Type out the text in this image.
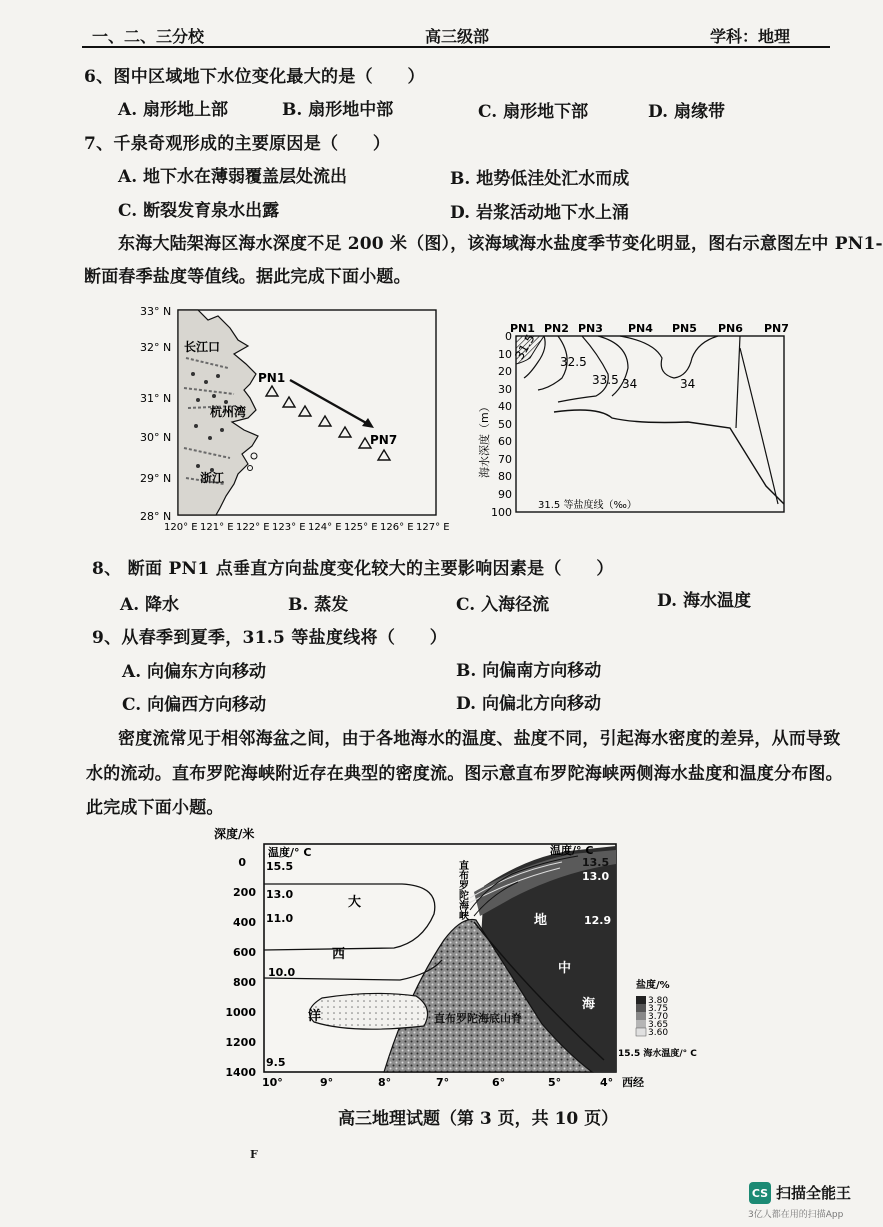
一、二、三分校	高三级部	学科：地理
6、图中区域地下水位变化最大的是（　　）
A. 扇形地上部	B. 扇形地中部	C. 扇形地下部	D. 扇缘带
7、千泉奇观形成的主要原因是（　　）
A. 地下水在薄弱覆盖层处流出	B. 地势低洼处汇水而成
C. 断裂发育泉水出露	D. 岩浆活动地下水上涌
东海大陆架海区海水深度不足 200 米（图），该海域海水盐度季节变化明显，图右示意图左中 PN1-
断面春季盐度等值线。据此完成下面小题。
33° N
32° N
31° N
30° N
29° N
28° N
长江口
杭州湾
浙江
PN1
PN7
120° E 121° E 122° E 123° E 124° E 125° E 126° E 127° E
PN1 PN2 PN3 PN4 PN5 PN6 PN7
0
10
20
30
40
50
60
70
80
90
100
海水深度（m）
31.5
32.5
33.5 34	34
31.5 等盐度线（‰）
8、 断面 PN1 点垂直方向盐度变化较大的主要影响因素是（　　）
A. 降水	B. 蒸发	C. 入海径流	D. 海水温度
9、从春季到夏季，31.5 等盐度线将（　　）
A. 向偏东方向移动	B. 向偏南方向移动
C. 向偏西方向移动	D. 向偏北方向移动
密度流常见于相邻海盆之间，由于各地海水的温度、盐度不同，引起海水密度的差异，从而导致
水的流动。直布罗陀海峡附近存在典型的密度流。图示意直布罗陀海峡两侧海水盐度和温度分布图。
此完成下面小题。
深度/米
0
200
400
600
800
1000
1200
1400
温度/° C	温度/° C
15.5
13.0
11.0
10.0
9.5
13.5
13.0
12.9
大
西
洋
地
中
海
直布罗陀海峡
直布罗陀海底山脊
10°	9°	8°	7°	6°	5°	4° 西经
盐度/%
3.80
3.75
3.70
3.65
3.60
15.5 海水温度/° C
高三地理试题（第 3 页，共 10 页）
F
CS 扫描全能王
3亿人都在用的扫描App
